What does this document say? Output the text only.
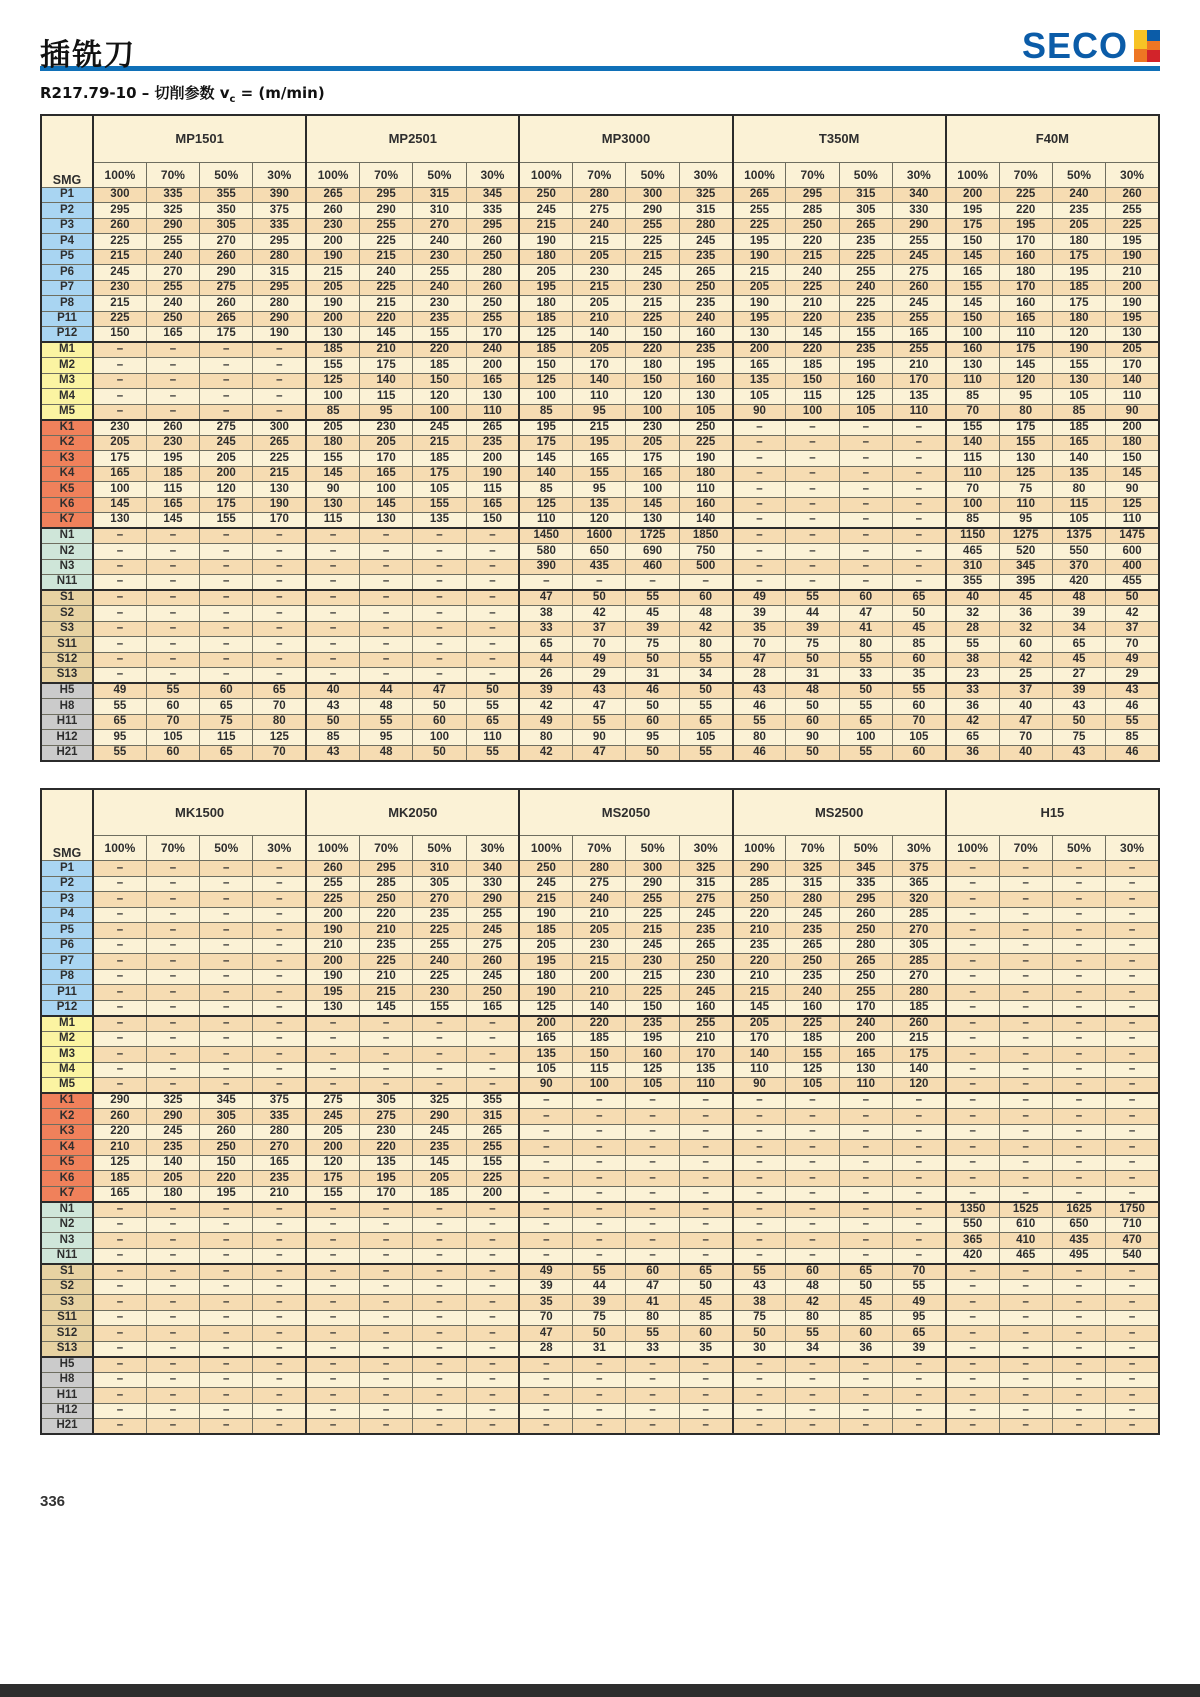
插铣刀	SECO
R217.79-10 – 切削参数 $v_c = (m/\min)$
SMG	MP1501				MP2501				MP3000				T350M				F40M			
	100%	70%	50%	30%	100%	70%	50%	30%	100%	70%	50%	30%	100%	70%	50%	30%	100%	70%	50%	30%
P1	300	335	355	390	265	295	315	345	250	280	300	325	265	295	315	340	200	225	240	260
P2	295	325	350	375	260	290	310	335	245	275	290	315	255	285	305	330	195	220	235	255
P3	260	290	305	335	230	255	270	295	215	240	255	280	225	250	265	290	175	195	205	225
P4	225	255	270	295	200	225	240	260	190	215	225	245	195	220	235	255	150	170	180	195
P5	215	240	260	280	190	215	230	250	180	205	215	235	190	215	225	245	145	160	175	190
P6	245	270	290	315	215	240	255	280	205	230	245	265	215	240	255	275	165	180	195	210
P7	230	255	275	295	205	225	240	260	195	215	230	250	205	225	240	260	155	170	185	200
P8	215	240	260	280	190	215	230	250	180	205	215	235	190	210	225	245	145	160	175	190
P11	225	250	265	290	200	220	235	255	185	210	225	240	195	220	235	255	150	165	180	195
P12	150	165	175	190	130	145	155	170	125	140	150	160	130	145	155	165	100	110	120	130
M1	–	–	–	–	185	210	220	240	185	205	220	235	200	220	235	255	160	175	190	205
M2	–	–	–	–	155	175	185	200	150	170	180	195	165	185	195	210	130	145	155	170
M3	–	–	–	–	125	140	150	165	125	140	150	160	135	150	160	170	110	120	130	140
M4	–	–	–	–	100	115	120	130	100	110	120	130	105	115	125	135	85	95	105	110
M5	–	–	–	–	85	95	100	110	85	95	100	105	90	100	105	110	70	80	85	90
K1	230	260	275	300	205	230	245	265	195	215	230	250	–	–	–	–	155	175	185	200
K2	205	230	245	265	180	205	215	235	175	195	205	225	–	–	–	–	140	155	165	180
K3	175	195	205	225	155	170	185	200	145	165	175	190	–	–	–	–	115	130	140	150
K4	165	185	200	215	145	165	175	190	140	155	165	180	–	–	–	–	110	125	135	145
K5	100	115	120	130	90	100	105	115	85	95	100	110	–	–	–	–	70	75	80	90
K6	145	165	175	190	130	145	155	165	125	135	145	160	–	–	–	–	100	110	115	125
K7	130	145	155	170	115	130	135	150	110	120	130	140	–	–	–	–	85	95	105	110
N1	–	–	–	–	–	–	–	–	1450	1600	1725	1850	–	–	–	–	1150	1275	1375	1475
N2	–	–	–	–	–	–	–	–	580	650	690	750	–	–	–	–	465	520	550	600
N3	–	–	–	–	–	–	–	–	390	435	460	500	–	–	–	–	310	345	370	400
N11	–	–	–	–	–	–	–	–	–	–	–	–	–	–	–	–	355	395	420	455
S1	–	–	–	–	–	–	–	–	47	50	55	60	49	55	60	65	40	45	48	50
S2	–	–	–	–	–	–	–	–	38	42	45	48	39	44	47	50	32	36	39	42
S3	–	–	–	–	–	–	–	–	33	37	39	42	35	39	41	45	28	32	34	37
S11	–	–	–	–	–	–	–	–	65	70	75	80	70	75	80	85	55	60	65	70
S12	–	–	–	–	–	–	–	–	44	49	50	55	47	50	55	60	38	42	45	49
S13	–	–	–	–	–	–	–	–	26	29	31	34	28	31	33	35	23	25	27	29
H5	49	55	60	65	40	44	47	50	39	43	46	50	43	48	50	55	33	37	39	43
H8	55	60	65	70	43	48	50	55	42	47	50	55	46	50	55	60	36	40	43	46
H11	65	70	75	80	50	55	60	65	49	55	60	65	55	60	65	70	42	47	50	55
H12	95	105	115	125	85	95	100	110	80	90	95	105	80	90	100	105	65	70	75	85
H21	55	60	65	70	43	48	50	55	42	47	50	55	46	50	55	60	36	40	43	46
SMG	MK1500				MK2050				MS2050				MS2500				H15			
	100%	70%	50%	30%	100%	70%	50%	30%	100%	70%	50%	30%	100%	70%	50%	30%	100%	70%	50%	30%
P1	–	–	–	–	260	295	310	340	250	280	300	325	290	325	345	375	–	–	–	–
P2	–	–	–	–	255	285	305	330	245	275	290	315	285	315	335	365	–	–	–	–
P3	–	–	–	–	225	250	270	290	215	240	255	275	250	280	295	320	–	–	–	–
P4	–	–	–	–	200	220	235	255	190	210	225	245	220	245	260	285	–	–	–	–
P5	–	–	–	–	190	210	225	245	185	205	215	235	210	235	250	270	–	–	–	–
P6	–	–	–	–	210	235	255	275	205	230	245	265	235	265	280	305	–	–	–	–
P7	–	–	–	–	200	225	240	260	195	215	230	250	220	250	265	285	–	–	–	–
P8	–	–	–	–	190	210	225	245	180	200	215	230	210	235	250	270	–	–	–	–
P11	–	–	–	–	195	215	230	250	190	210	225	245	215	240	255	280	–	–	–	–
P12	–	–	–	–	130	145	155	165	125	140	150	160	145	160	170	185	–	–	–	–
M1	–	–	–	–	–	–	–	–	200	220	235	255	205	225	240	260	–	–	–	–
M2	–	–	–	–	–	–	–	–	165	185	195	210	170	185	200	215	–	–	–	–
M3	–	–	–	–	–	–	–	–	135	150	160	170	140	155	165	175	–	–	–	–
M4	–	–	–	–	–	–	–	–	105	115	125	135	110	125	130	140	–	–	–	–
M5	–	–	–	–	–	–	–	–	90	100	105	110	90	105	110	120	–	–	–	–
K1	290	325	345	375	275	305	325	355	–	–	–	–	–	–	–	–	–	–	–	–
K2	260	290	305	335	245	275	290	315	–	–	–	–	–	–	–	–	–	–	–	–
K3	220	245	260	280	205	230	245	265	–	–	–	–	–	–	–	–	–	–	–	–
K4	210	235	250	270	200	220	235	255	–	–	–	–	–	–	–	–	–	–	–	–
K5	125	140	150	165	120	135	145	155	–	–	–	–	–	–	–	–	–	–	–	–
K6	185	205	220	235	175	195	205	225	–	–	–	–	–	–	–	–	–	–	–	–
K7	165	180	195	210	155	170	185	200	–	–	–	–	–	–	–	–	–	–	–	–
N1	–	–	–	–	–	–	–	–	–	–	–	–	–	–	–	–	1350	1525	1625	1750
N2	–	–	–	–	–	–	–	–	–	–	–	–	–	–	–	–	550	610	650	710
N3	–	–	–	–	–	–	–	–	–	–	–	–	–	–	–	–	365	410	435	470
N11	–	–	–	–	–	–	–	–	–	–	–	–	–	–	–	–	420	465	495	540
S1	–	–	–	–	–	–	–	–	49	55	60	65	55	60	65	70	–	–	–	–
S2	–	–	–	–	–	–	–	–	39	44	47	50	43	48	50	55	–	–	–	–
S3	–	–	–	–	–	–	–	–	35	39	41	45	38	42	45	49	–	–	–	–
S11	–	–	–	–	–	–	–	–	70	75	80	85	75	80	85	95	–	–	–	–
S12	–	–	–	–	–	–	–	–	47	50	55	60	50	55	60	65	–	–	–	–
S13	–	–	–	–	–	–	–	–	28	31	33	35	30	34	36	39	–	–	–	–
H5	–	–	–	–	–	–	–	–	–	–	–	–	–	–	–	–	–	–	–	–
H8	–	–	–	–	–	–	–	–	–	–	–	–	–	–	–	–	–	–	–	–
H11	–	–	–	–	–	–	–	–	–	–	–	–	–	–	–	–	–	–	–	–
H12	–	–	–	–	–	–	–	–	–	–	–	–	–	–	–	–	–	–	–	–
H21	–	–	–	–	–	–	–	–	–	–	–	–	–	–	–	–	–	–	–	–
336
